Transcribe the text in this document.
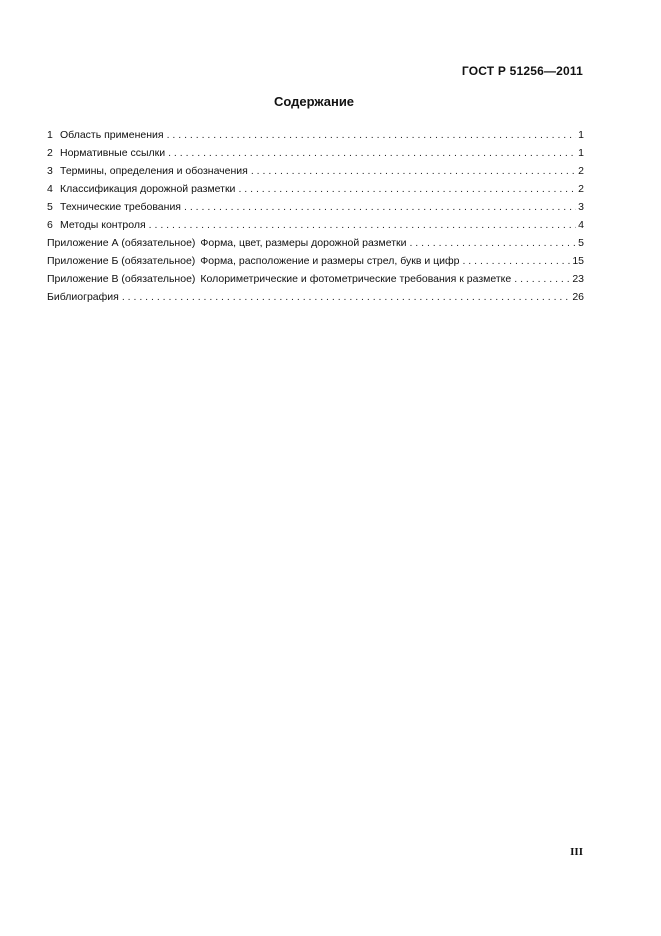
ГОСТ Р 51256—2011
Содержание
1 Область применения . . .	1
2 Нормативные ссылки . . .	1
3 Термины, определения и обозначения . . .	2
4 Классификация дорожной разметки . . .	2
5 Технические требования . . .	3
6 Методы контроля . . .	4
Приложение А (обязательное) Форма, цвет, размеры дорожной разметки . . .	5
Приложение Б (обязательное) Форма, расположение и размеры стрел, букв и цифр . . .	15
Приложение В (обязательное) Колориметрические и фотометрические требования к разметке . . .	23
Библиография . . .	26
III
